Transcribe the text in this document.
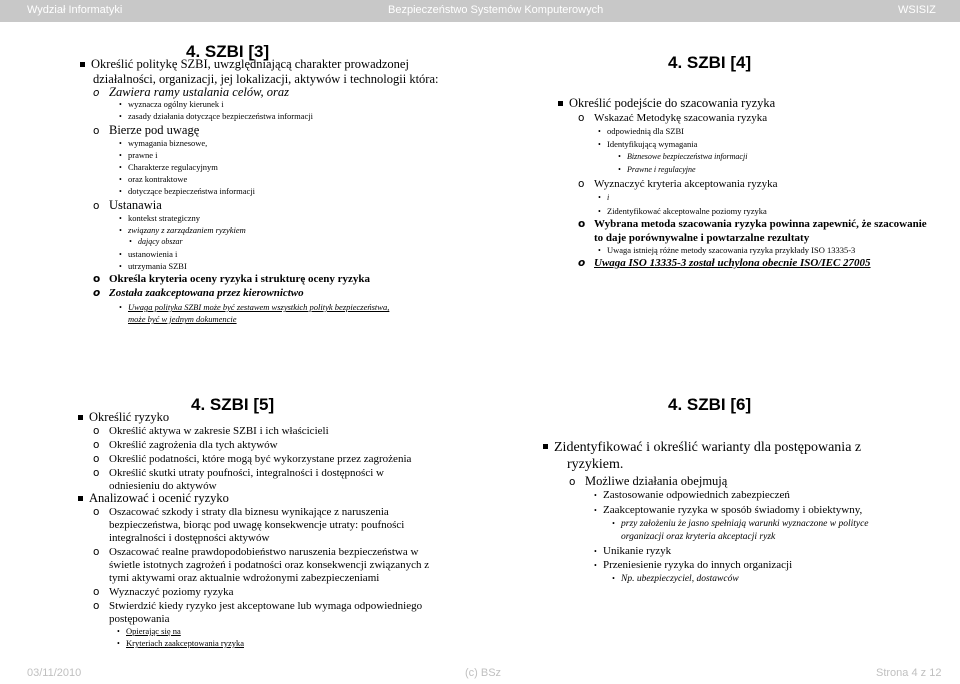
Wydział Informatyki	Bezpieczeństwo Systemów Komputerowych	WSISIZ
4. SZBI [3]
Określić politykę SZBI, uwzględniającą charakter prowadzonej
działalności, organizacji, jej lokalizacji, aktywów i technologii która:
o Zawiera ramy ustalania celów, oraz
• wyznacza ogólny kierunek i
• zasady działania dotyczące bezpieczeństwa informacji
o Bierze pod uwagę
• wymagania biznesowe,
• prawne i
• Charakterze regulacyjnym
• oraz kontraktowe
• dotyczące bezpieczeństwa informacji
o Ustanawia
• kontekst strategiczny
• związany z zarządzaniem ryzykiem
• dający obszar
• ustanowienia i
• utrzymania SZBI
o Określa kryteria oceny ryzyka i strukturę oceny ryzyka
o Została zaakceptowana przez kierownictwo
• Uwaga polityka SZBI może być zestawem wszystkich polityk bezpieczeństwa,
może być w jednym dokumencie
4. SZBI [4]
Określić podejście do szacowania ryzyka
o Wskazać Metodykę szacowania ryzyka
• odpowiednią dla SZBI
• Identyfikującą wymagania
• Biznesowe bezpieczeństwa informacji
• Prawne i regulacyjne
o Wyznaczyć kryteria akceptowania ryzyka
• i
• Zidentyfikować akceptowalne poziomy ryzyka
o Wybrana metoda szacowania ryzyka powinna zapewnić, że szacowanie
to daje porównywalne i powtarzalne rezultaty
• Uwaga istnieją różne metody szacowania ryzyka przykłady ISO 13335-3
o Uwaga ISO 13335-3 został uchylona obecnie ISO/IEC 27005
4. SZBI [5]
Określić ryzyko
o Określić aktywa w zakresie SZBI i ich właścicieli
o Określić zagrożenia dla tych aktywów
o Określić podatności, które mogą być wykorzystane przez zagrożenia
o Określić skutki utraty poufności, integralności i dostępności w
odniesieniu do aktywów
Analizować i ocenić ryzyko
o Oszacować szkody i straty dla biznesu wynikające z naruszenia
bezpieczeństwa, biorąc pod uwagę konsekwencje utraty: poufności
integralności i dostępności aktywów
o Oszacować realne prawdopodobieństwo naruszenia bezpieczeństwa w
świetle istotnych zagrożeń i podatności oraz konsekwencji związanych z
tymi aktywami oraz aktualnie wdrożonymi zabezpieczeniami
o Wyznaczyć poziomy ryzyka
o Stwierdzić kiedy ryzyko jest akceptowane lub wymaga odpowiedniego
postępowania
• Opierając się na
• Kryteriach zaakceptowania ryzyka
4. SZBI [6]
Zidentyfikować i określić warianty dla postępowania z
ryzykiem.
o Możliwe działania obejmują
• Zastosowanie odpowiednich zabezpieczeń
• Zaakceptowanie ryzyka w sposób świadomy i obiektywny,
• przy założeniu że jasno spełniają warunki wyznaczone w polityce
organizacji oraz kryteria akceptacji ryzk
• Unikanie ryzyk
• Przeniesienie ryzyka do innych organizacji
• Np. ubezpieczyciel, dostawców
03/11/2010	(c) BSz	Strona 4 z 12
